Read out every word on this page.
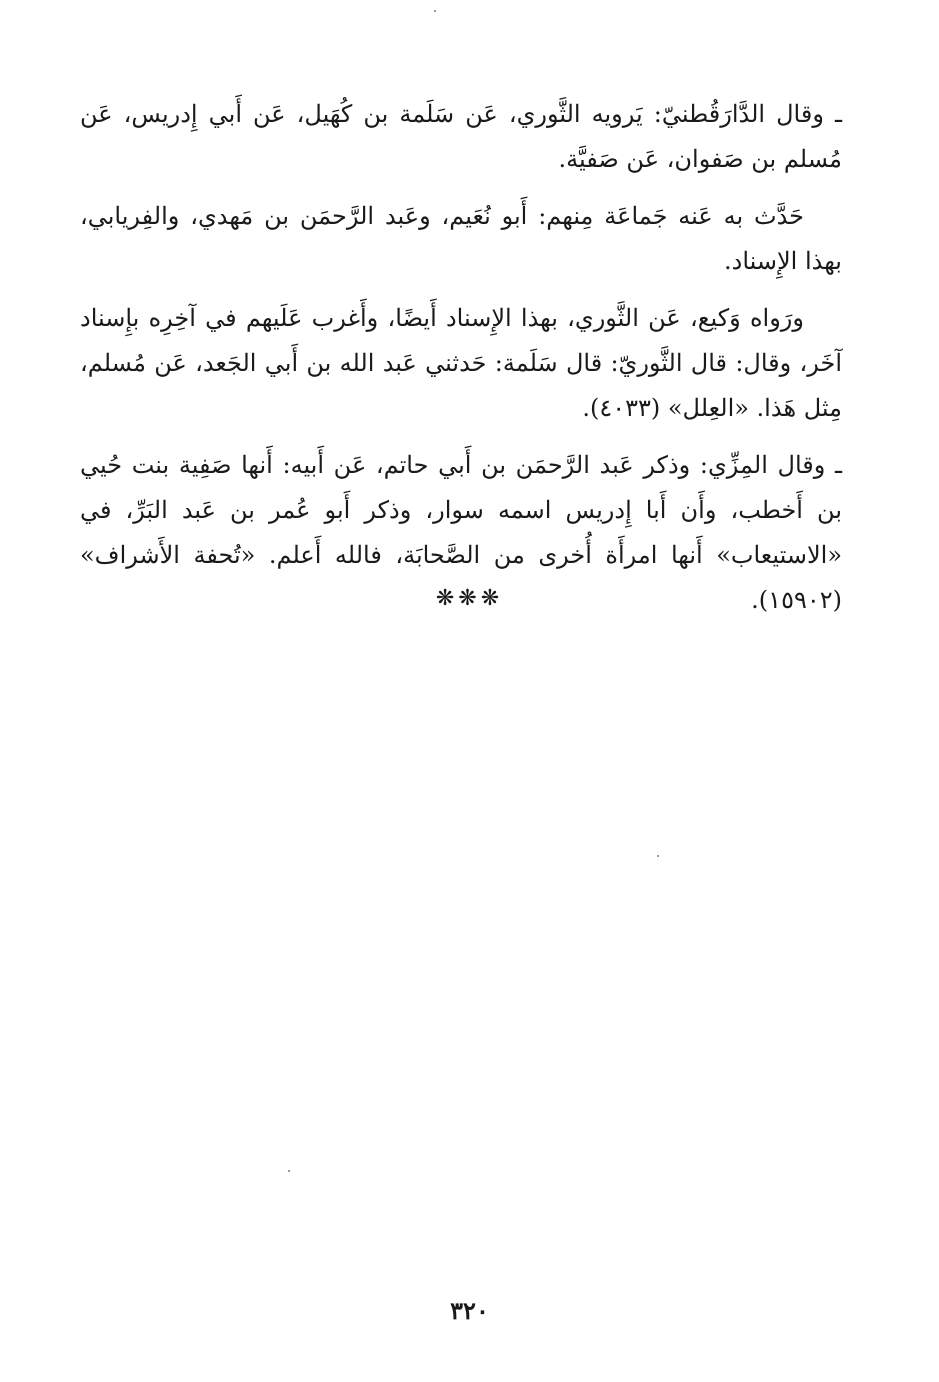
ـ وقال الدَّارَقُطنيّ: يَرويه الثَّوري، عَن سَلَمة بن كُهَيل، عَن أَبي إِدريس، عَن مُسلم بن صَفوان، عَن صَفيَّة.

حَدَّث به عَنه جَماعَة مِنهم: أَبو نُعَيم، وعَبد الرَّحمَن بن مَهدي، والفِريابي، بهذا الإِسناد.

ورَواه وَكيع، عَن الثَّوري، بهذا الإِسناد أَيضًا، وأَغرب عَلَيهم في آخِرِه بإِسناد آخَر، وقال: قال الثَّوريّ: قال سَلَمة: حَدثني عَبد الله بن أَبي الجَعد، عَن مُسلم، مِثل هَذا. «العِلل» (٤٠٣٣).

ـ وقال المِزِّي: وذكر عَبد الرَّحمَن بن أَبي حاتم، عَن أَبيه: أَنها صَفِية بنت حُيي بن أَخطب، وأَن أَبا إِدريس اسمه سوار، وذكر أَبو عُمر بن عَبد البَرِّ، في «الاستيعاب» أَنها امرأَة أُخرى من الصَّحابَة، فالله أَعلم. «تُحفة الأَشراف» (١٥٩٠٢).

❋❋❋
٣٢٠
